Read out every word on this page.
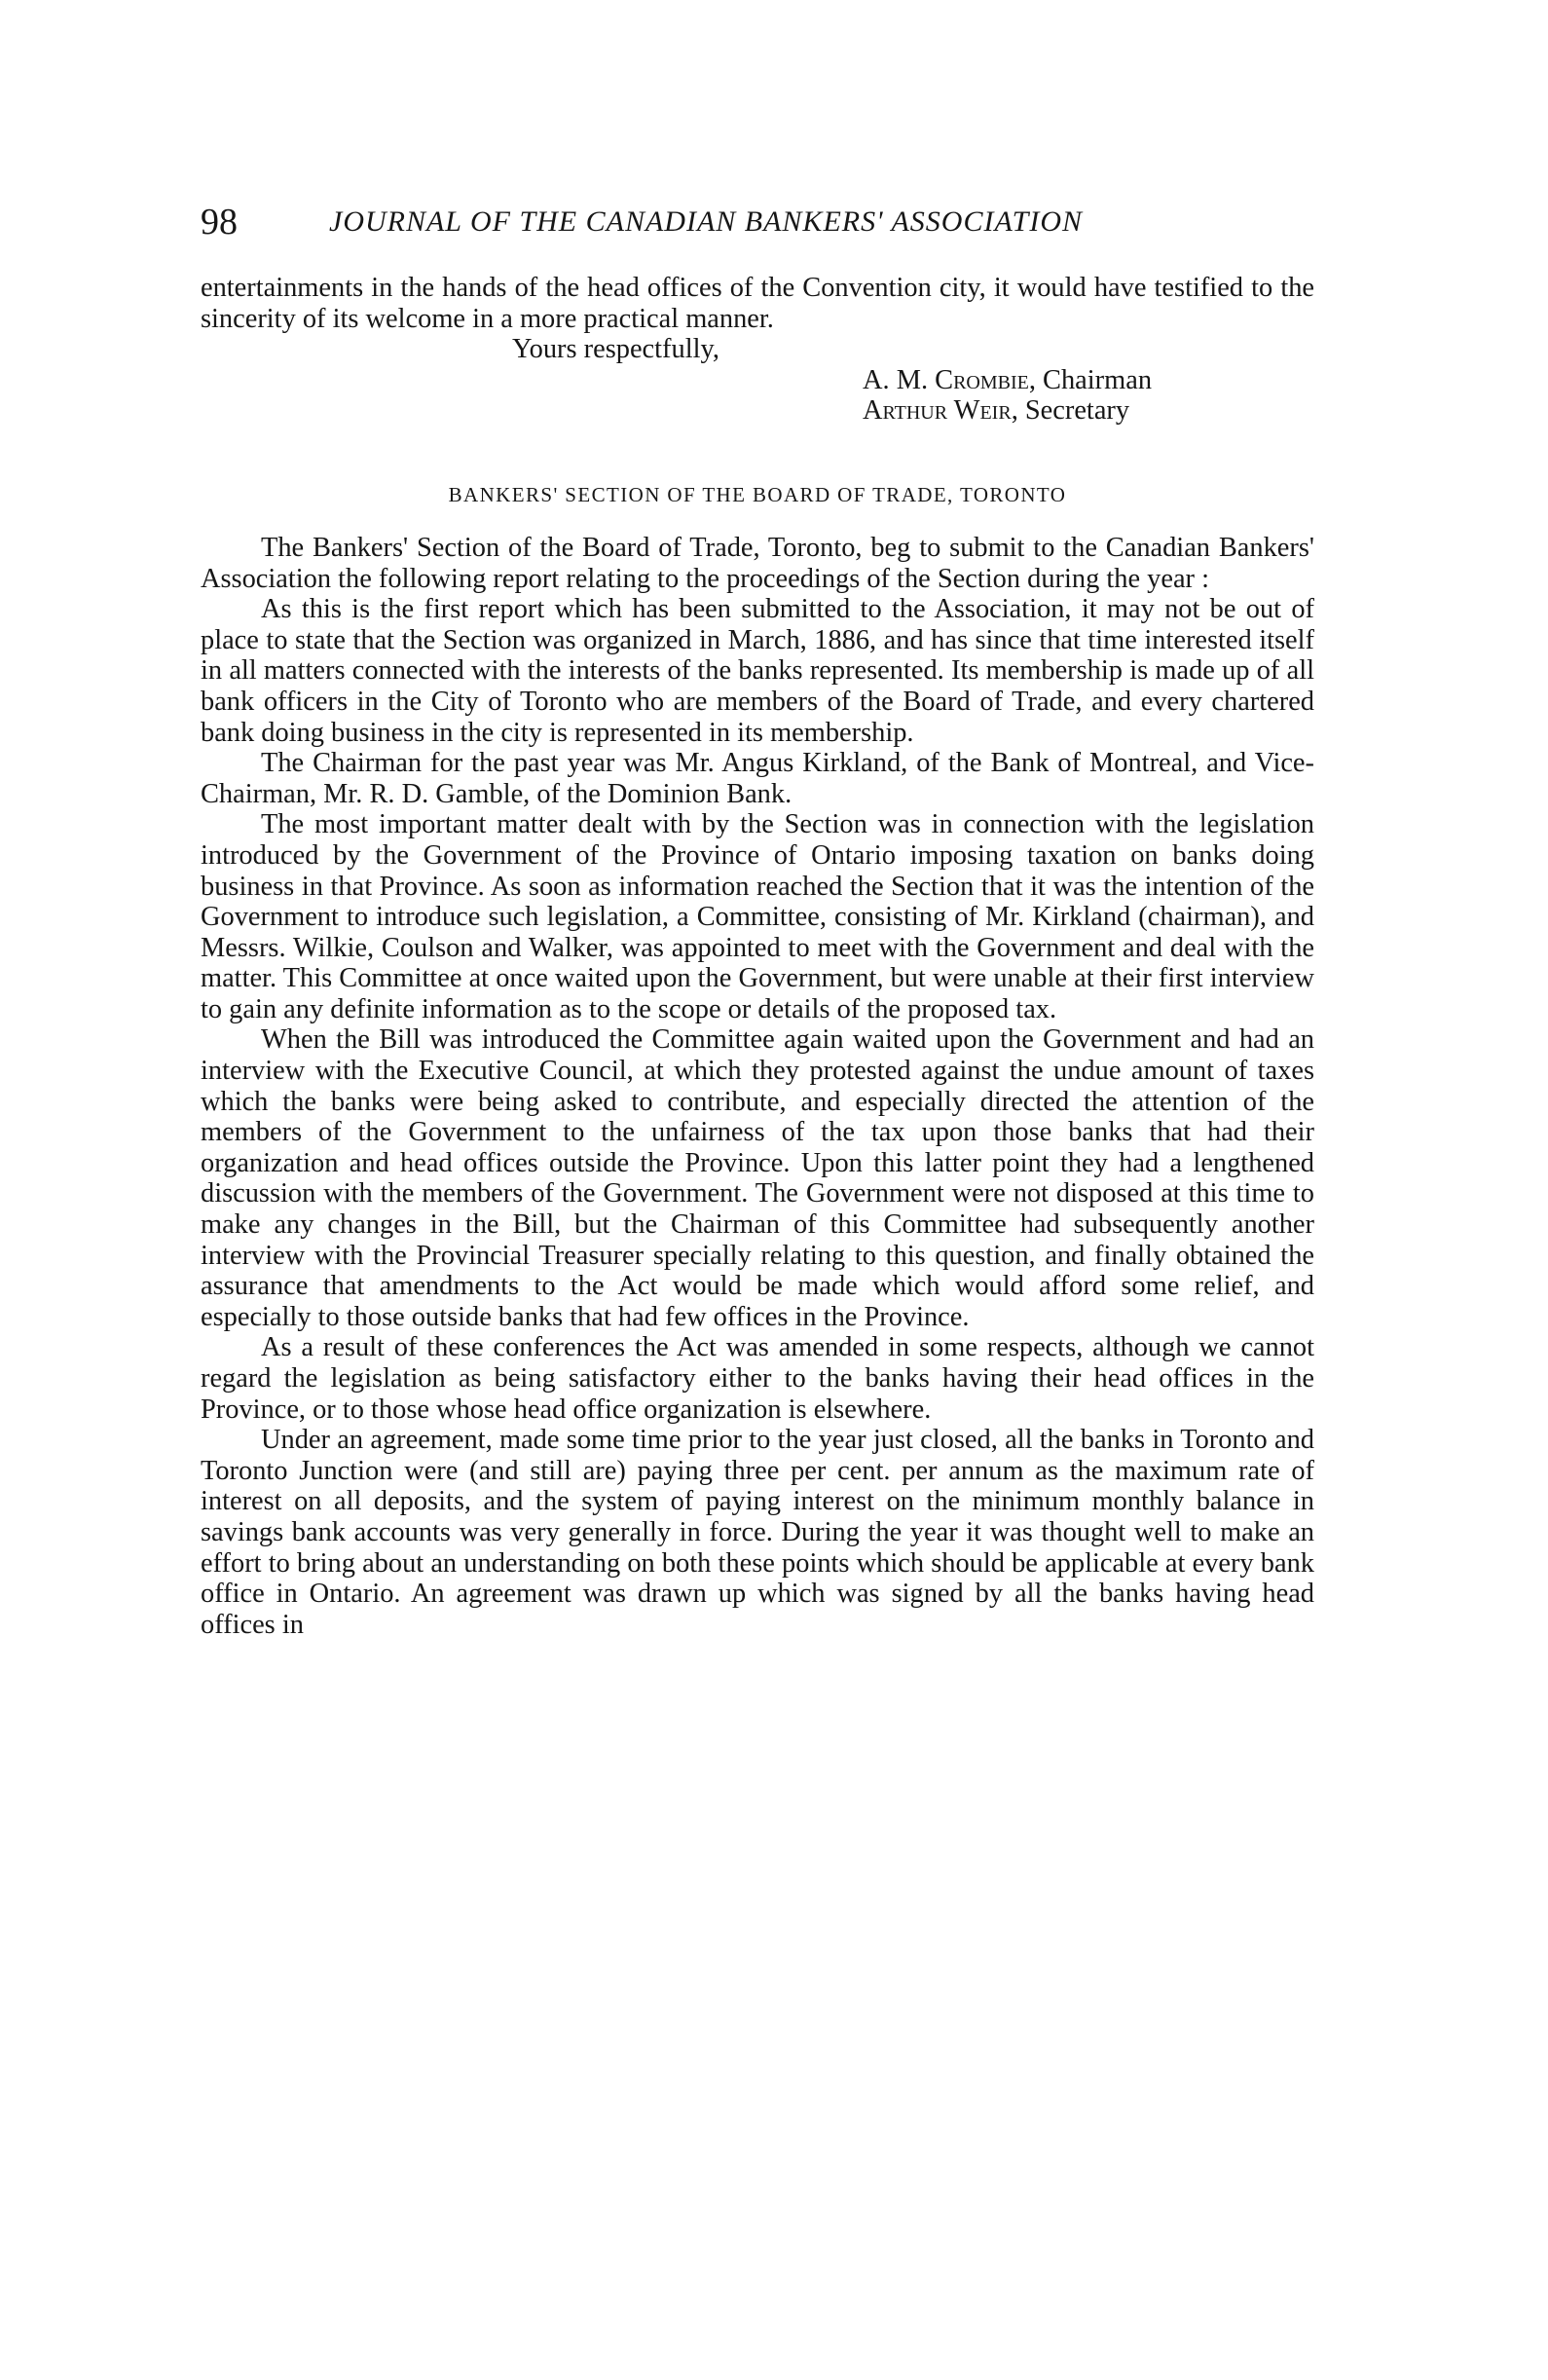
98	JOURNAL OF THE CANADIAN BANKERS' ASSOCIATION

entertainments in the hands of the head offices of the Convention city, it would have testified to the sincerity of its welcome in a more practical manner.

Yours respectfully,

A. M. Crombie, Chairman

Arthur Weir, Secretary

BANKERS' SECTION OF THE BOARD OF TRADE, TORONTO

The Bankers' Section of the Board of Trade, Toronto, beg to submit to the Canadian Bankers' Association the following report relating to the proceedings of the Section during the year :

As this is the first report which has been submitted to the Association, it may not be out of place to state that the Section was organized in March, 1886, and has since that time interested itself in all matters connected with the interests of the banks represented. Its membership is made up of all bank officers in the City of Toronto who are members of the Board of Trade, and every chartered bank doing business in the city is represented in its membership.

The Chairman for the past year was Mr. Angus Kirkland, of the Bank of Montreal, and Vice-Chairman, Mr. R. D. Gamble, of the Dominion Bank.

The most important matter dealt with by the Section was in connection with the legislation introduced by the Government of the Province of Ontario imposing taxation on banks doing business in that Province. As soon as information reached the Section that it was the intention of the Government to introduce such legislation, a Committee, consisting of Mr. Kirkland (chairman), and Messrs. Wilkie, Coulson and Walker, was appointed to meet with the Government and deal with the matter. This Committee at once waited upon the Government, but were unable at their first interview to gain any definite information as to the scope or details of the proposed tax.

When the Bill was introduced the Committee again waited upon the Government and had an interview with the Executive Council, at which they protested against the undue amount of taxes which the banks were being asked to contribute, and especially directed the attention of the members of the Government to the unfairness of the tax upon those banks that had their organization and head offices outside the Province. Upon this latter point they had a lengthened discussion with the members of the Government. The Government were not disposed at this time to make any changes in the Bill, but the Chairman of this Committee had subsequently another interview with the Provincial Treasurer specially relating to this question, and finally obtained the assurance that amendments to the Act would be made which would afford some relief, and especially to those outside banks that had few offices in the Province.

As a result of these conferences the Act was amended in some respects, although we cannot regard the legislation as being satisfactory either to the banks having their head offices in the Province, or to those whose head office organization is elsewhere.

Under an agreement, made some time prior to the year just closed, all the banks in Toronto and Toronto Junction were (and still are) paying three per cent. per annum as the maximum rate of interest on all deposits, and the system of paying interest on the minimum monthly balance in savings bank accounts was very generally in force. During the year it was thought well to make an effort to bring about an understanding on both these points which should be applicable at every bank office in Ontario. An agreement was drawn up which was signed by all the banks having head offices in
